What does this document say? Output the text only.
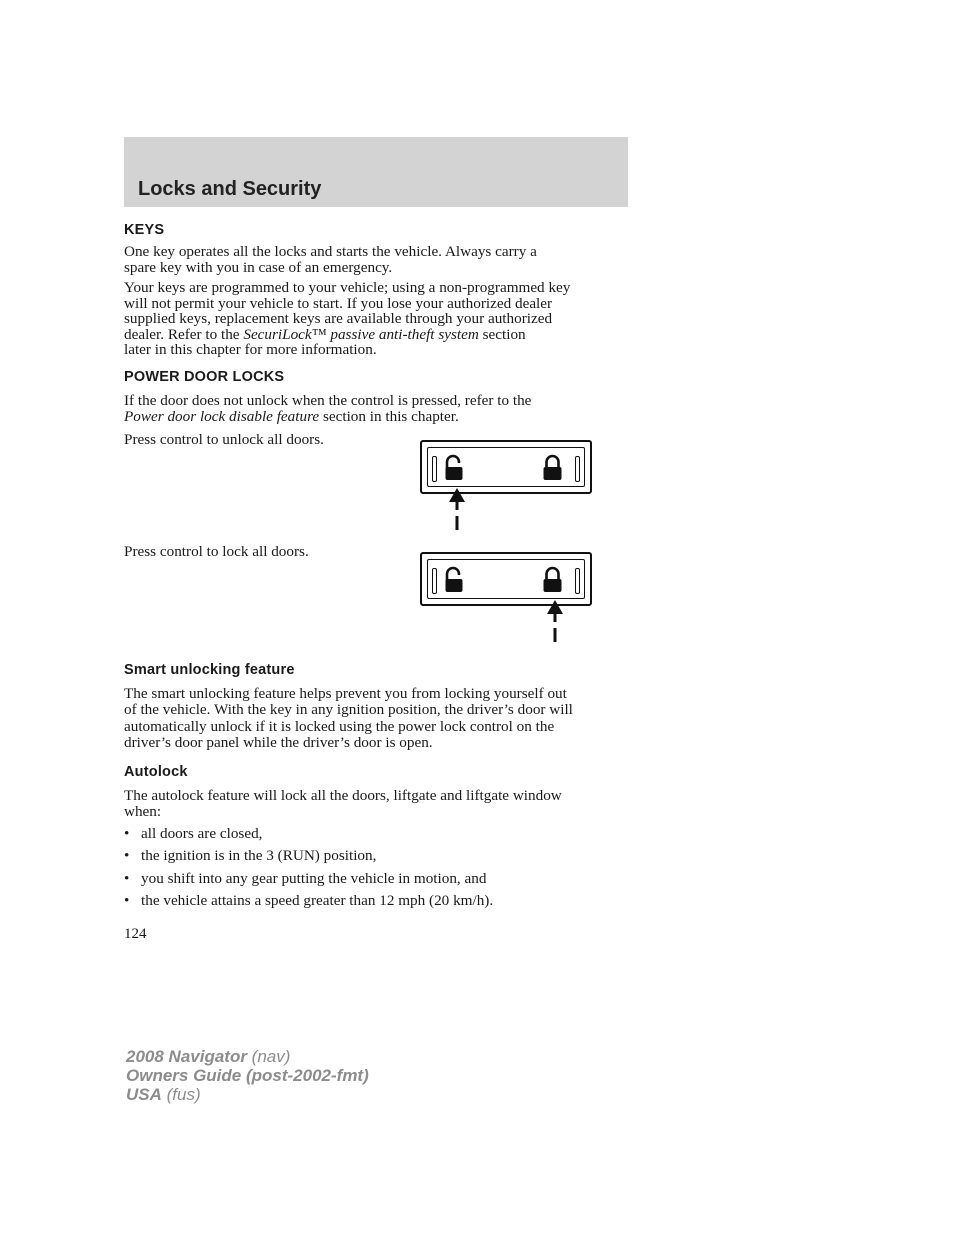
Locks and Security
KEYS

One key operates all the locks and starts the vehicle. Always carry a
spare key with you in case of an emergency.

Your keys are programmed to your vehicle; using a non-programmed key
will not permit your vehicle to start. If you lose your authorized dealer
supplied keys, replacement keys are available through your authorized
dealer. Refer to the SecuriLock™ passive anti-theft system section
later in this chapter for more information.

POWER DOOR LOCKS

If the door does not unlock when the control is pressed, refer to the
Power door lock disable feature section in this chapter.

Press control to unlock all doors.

Press control to lock all doors.

Smart unlocking feature

The smart unlocking feature helps prevent you from locking yourself out
of the vehicle. With the key in any ignition position, the driver’s door will
automatically unlock if it is locked using the power lock control on the
driver’s door panel while the driver’s door is open.

Autolock

The autolock feature will lock all the doors, liftgate and liftgate window
when:

• all doors are closed,
• the ignition is in the 3 (RUN) position,
• you shift into any gear putting the vehicle in motion, and
• the vehicle attains a speed greater than 12 mph (20 km/h).
124
2008 Navigator (nav)
Owners Guide (post-2002-fmt)
USA (fus)
